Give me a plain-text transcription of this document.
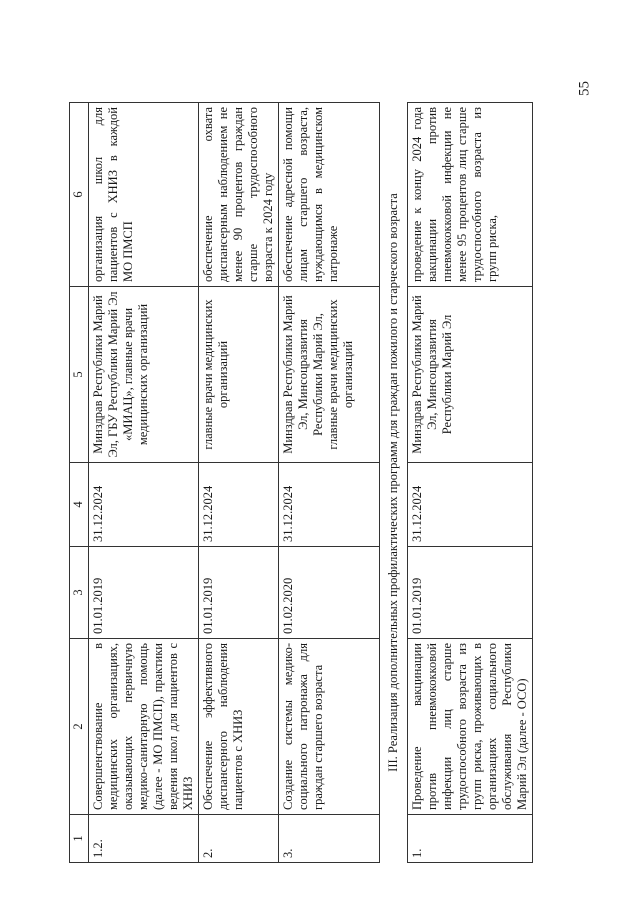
55
1	2	3	4	5	6
1.2.	Совершенствование в медицинских организациях, оказывающих первичную медико-санитарную помощь (далее - МО ПМСП), практики ведения школ для пациентов с ХНИЗ	01.01.2019	31.12.2024	Минздрав Республики Марий Эл, ГБУ Республики Марий Эл «МИАЦ», главные врачи медицинских организаций	организация школ для пациентов с ХНИЗ в каждой МО ПМСП
2.	Обеспечение эффективного диспансерного наблюдения пациентов с ХНИЗ	01.01.2019	31.12.2024	главные врачи медицинских организаций	обеспечение охвата диспансерным наблюдением не менее 90 процентов граждан старше трудоспособного возраста к 2024 году
3.	Создание системы медико-социального патронажа для граждан старшего возраста	01.02.2020	31.12.2024	Минздрав Республики Марий Эл, Минсоцразвития Республики Марий Эл, главные врачи медицинских организаций	обеспечение адресной помощи лицам старшего возраста, нуждающимся в медицинском патронаже
III. Реализация дополнительных профилактических программ для граждан пожилого и старческого возраста					
1.	Проведение вакцинации против пневмококковой инфекции лиц старше трудоспособного возраста из групп риска, проживающих в организациях социального обслуживания Республики Марий Эл (далее - ОСО)	01.01.2019	31.12.2024	Минздрав Республики Марий Эл, Минсоцразвития Республики Марий Эл	проведение к концу 2024 года вакцинации против пневмококковой инфекции не менее 95 процентов лиц старше трудоспособного возраста из групп риска,
